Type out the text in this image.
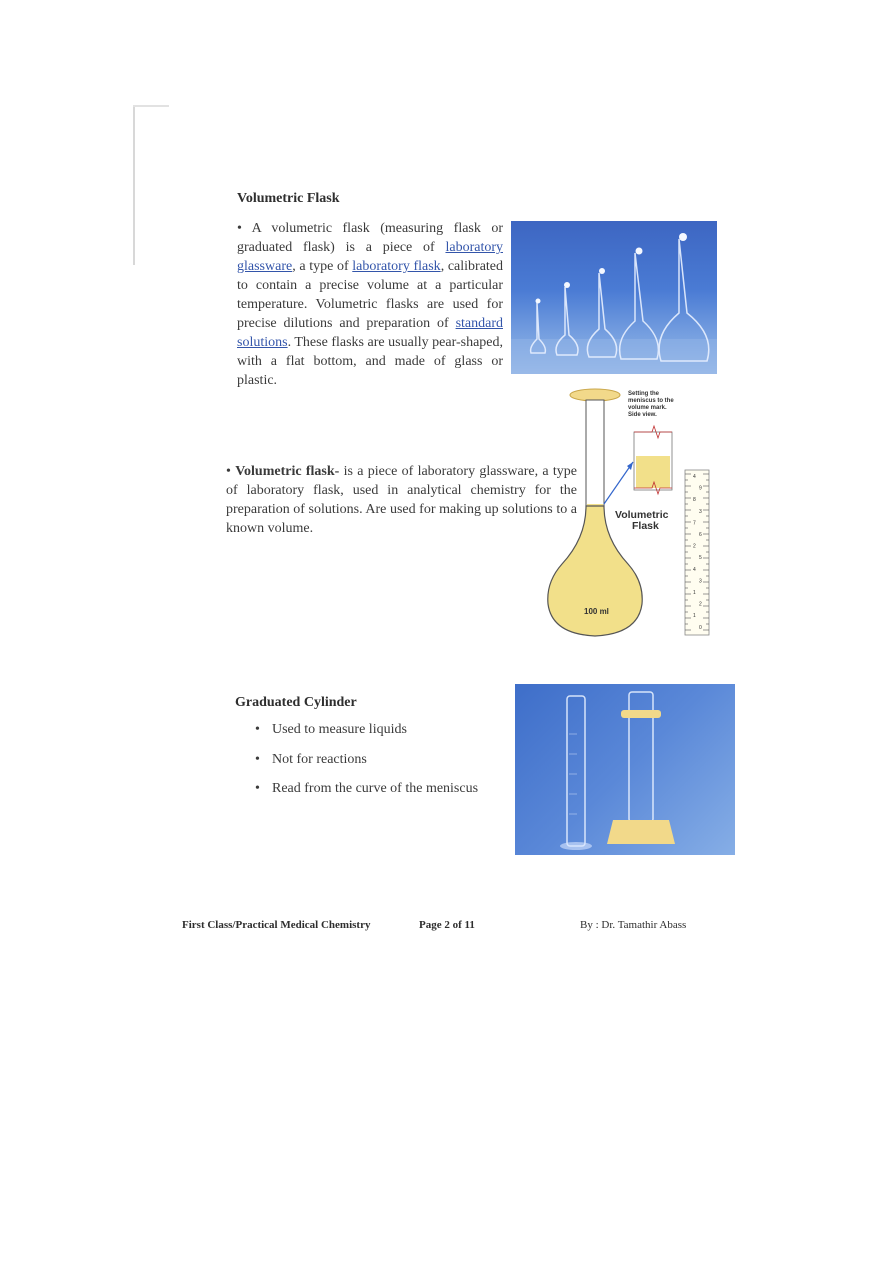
Volumetric Flask
• A volumetric flask (measuring flask or graduated flask) is a piece of laboratory glassware, a type of laboratory flask, calibrated to contain a precise volume at a particular temperature. Volumetric flasks are used for precise dilutions and preparation of standard solutions. These flasks are usually pear-shaped, with a flat bottom, and made of glass or plastic.
• Volumetric flask- is a piece of laboratory glassware, a type of laboratory flask, used in analytical chemistry for the preparation of solutions. Are used for making up solutions to a known volume.
100 ml
Setting the
meniscus to the
volume mark.
Side view.
Volumetric
Flask
4
9
8
3
7
6
2
5
4
3
1
2
1
0
Graduated Cylinder
• Used to measure liquids
• Not for reactions
• Read from the curve of the meniscus
First Class/Practical Medical Chemistry	Page 2 of 11	By : Dr. Tamathir Abass
